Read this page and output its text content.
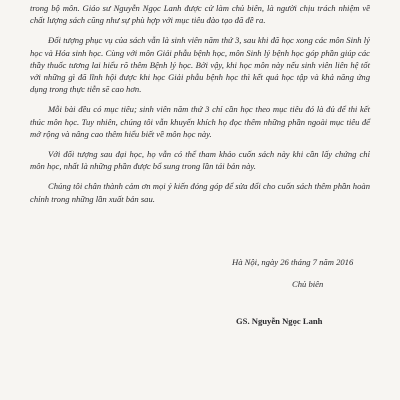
trong bộ môn. Giáo sư Nguyễn Ngọc Lanh được cử làm chủ biên, là người chịu trách nhiệm về chất lượng sách cũng như sự phù hợp với mục tiêu đào tạo đã đề ra.

Đối tượng phục vụ của sách vẫn là sinh viên năm thứ 3, sau khi đã học xong các môn Sinh lý học và Hóa sinh học. Cùng với môn Giải phẫu bệnh học, môn Sinh lý bệnh học góp phần giúp các thầy thuốc tương lai hiểu rõ thêm Bệnh lý học. Bởi vậy, khi học môn này nếu sinh viên liên hệ tốt với những gì đã lĩnh hội được khi học Giải phẫu bệnh học thì kết quả học tập và khả năng ứng dụng trong thực tiễn sẽ cao hơn.

Mỗi bài đều có mục tiêu; sinh viên năm thứ 3 chỉ cần học theo mục tiêu đó là đủ để thi kết thúc môn học. Tuy nhiên, chúng tôi vẫn khuyến khích họ đọc thêm những phần ngoài mục tiêu để mở rộng và nâng cao thêm hiểu biết về môn học này.

Với đối tượng sau đại học, họ vẫn có thể tham khảo cuốn sách này khi cần lấy chứng chỉ môn học, nhất là những phần được bổ sung trong lần tái bản này.

Chúng tôi chân thành cảm ơn mọi ý kiến đóng góp để sửa đổi cho cuốn sách thêm phần hoàn chỉnh trong những lần xuất bản sau.

Hà Nội, ngày 26 tháng 7 năm 2016
Chủ biên
GS. Nguyễn Ngọc Lanh
